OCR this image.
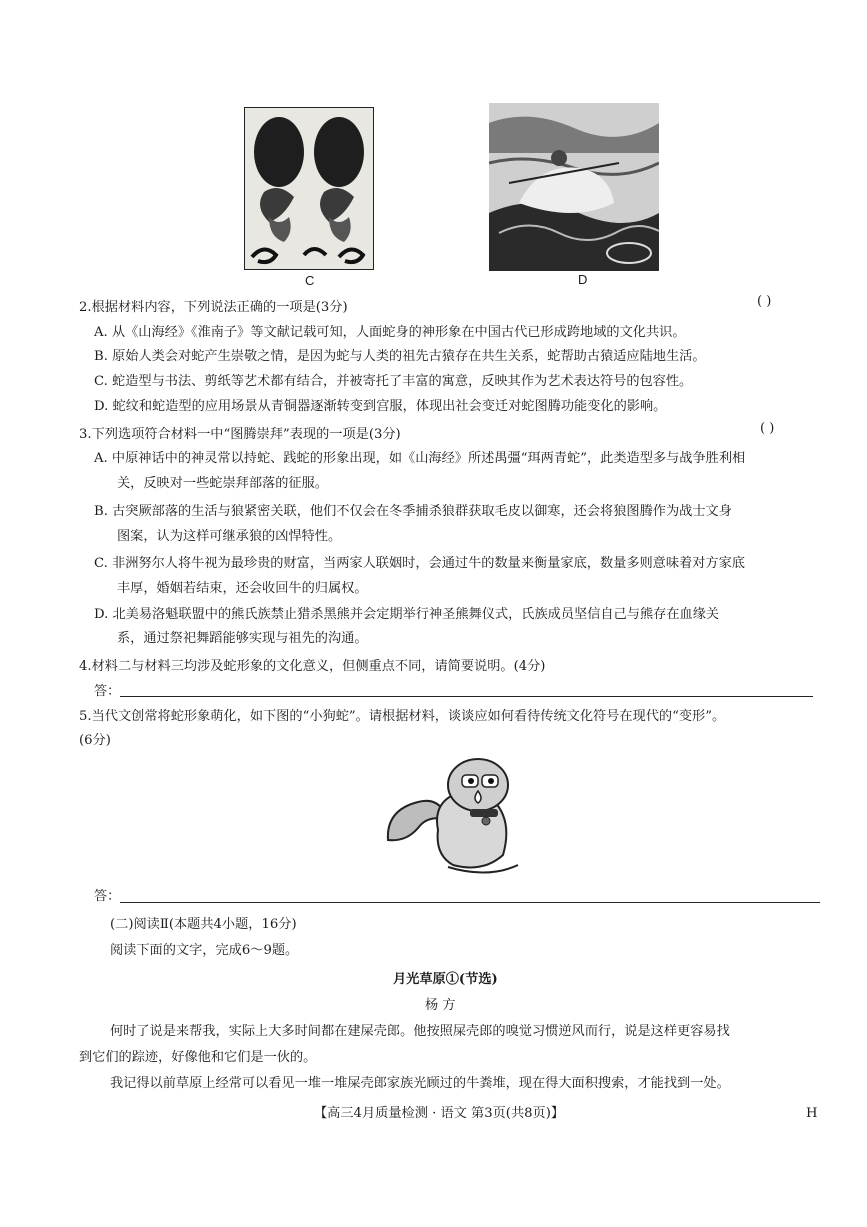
C	D
2.根据材料内容，下列说法正确的一项是(3分)	( )
A. 从《山海经》《淮南子》等文献记载可知，人面蛇身的神形象在中国古代已形成跨地域的文化共识。
B. 原始人类会对蛇产生崇敬之情，是因为蛇与人类的祖先古猿存在共生关系，蛇帮助古猿适应陆地生活。
C. 蛇造型与书法、剪纸等艺术都有结合，并被寄托了丰富的寓意，反映其作为艺术表达符号的包容性。
D. 蛇纹和蛇造型的应用场景从青铜器逐渐转变到宫服，体现出社会变迁对蛇图腾功能变化的影响。
3.下列选项符合材料一中“图腾崇拜”表现的一项是(3分)	( )
A. 中原神话中的神灵常以持蛇、践蛇的形象出现，如《山海经》所述禺彊“珥两青蛇”，此类造型多与战争胜利相
关，反映对一些蛇崇拜部落的征服。
B. 古突厥部落的生活与狼紧密关联，他们不仅会在冬季捕杀狼群获取毛皮以御寒，还会将狼图腾作为战士文身
图案，认为这样可继承狼的凶悍特性。
C. 非洲努尔人将牛视为最珍贵的财富，当两家人联姻时，会通过牛的数量来衡量家底，数量多则意味着对方家底
丰厚，婚姻若结束，还会收回牛的归属权。
D. 北美易洛魁联盟中的熊氏族禁止猎杀黑熊并会定期举行神圣熊舞仪式，氏族成员坚信自己与熊存在血缘关
系，通过祭祀舞蹈能够实现与祖先的沟通。
4.材料二与材料三均涉及蛇形象的文化意义，但侧重点不同，请简要说明。(4分)
答：
5.当代文创常将蛇形象萌化，如下图的“小狗蛇”。请根据材料，谈谈应如何看待传统文化符号在现代的“变形”。
(6分)
答：
(二)阅读Ⅱ(本题共4小题，16分)
阅读下面的文字，完成6～9题。
月光草原①(节选)
杨 方
何时了说是来帮我，实际上大多时间都在建屎壳郎。他按照屎壳郎的嗅觉习惯逆风而行，说是这样更容易找
到它们的踪迹，好像他和它们是一伙的。
我记得以前草原上经常可以看见一堆一堆屎壳郎家族光顾过的牛粪堆，现在得大面积搜索，才能找到一处。
【高三4月质量检测 · 语文 第3页(共8页)】	H
